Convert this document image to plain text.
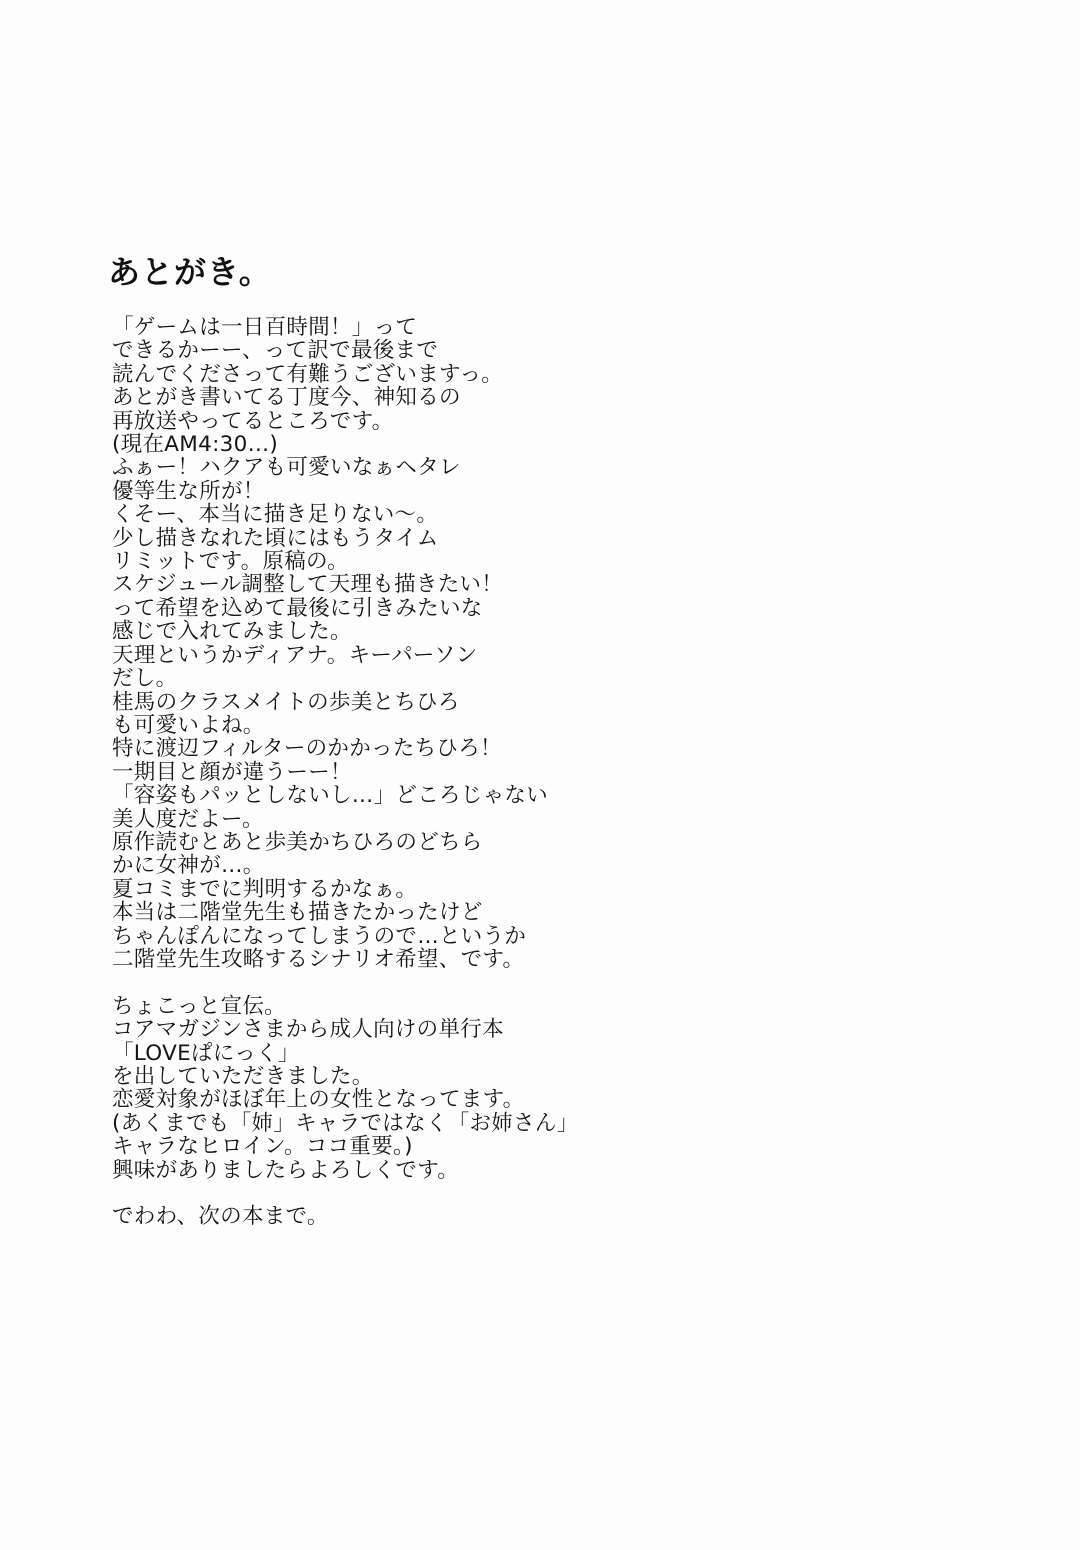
あとがき。
「ゲームは一日百時間！」って
できるかーー、って訳で最後まで
読んでくださって有難うございますっ。
あとがき書いてる丁度今、神知るの
再放送やってるところです。
(現在AM4:30…)
ふぁー！ハクアも可愛いなぁヘタレ
優等生な所が！
くそー、本当に描き足りない～。
少し描きなれた頃にはもうタイム
リミットです。原稿の。
スケジュール調整して天理も描きたい！
って希望を込めて最後に引きみたいな
感じで入れてみました。
天理というかディアナ。キーパーソン
だし。
桂馬のクラスメイトの歩美とちひろ
も可愛いよね。
特に渡辺フィルターのかかったちひろ！
一期目と顔が違うーー！
「容姿もパッとしないし…」どころじゃない
美人度だよー。
原作読むとあと歩美かちひろのどちら
かに女神が…。
夏コミまでに判明するかなぁ。
本当は二階堂先生も描きたかったけど
ちゃんぽんになってしまうので…というか
二階堂先生攻略するシナリオ希望、です。
ちょこっと宣伝。
コアマガジンさまから成人向けの単行本
「LOVEぱにっく」
を出していただきました。
恋愛対象がほぼ年上の女性となってます。
(あくまでも「姉」キャラではなく「お姉さん」
キャラなヒロイン。ココ重要。)
興味がありましたらよろしくです。
でわわ、次の本まで。
